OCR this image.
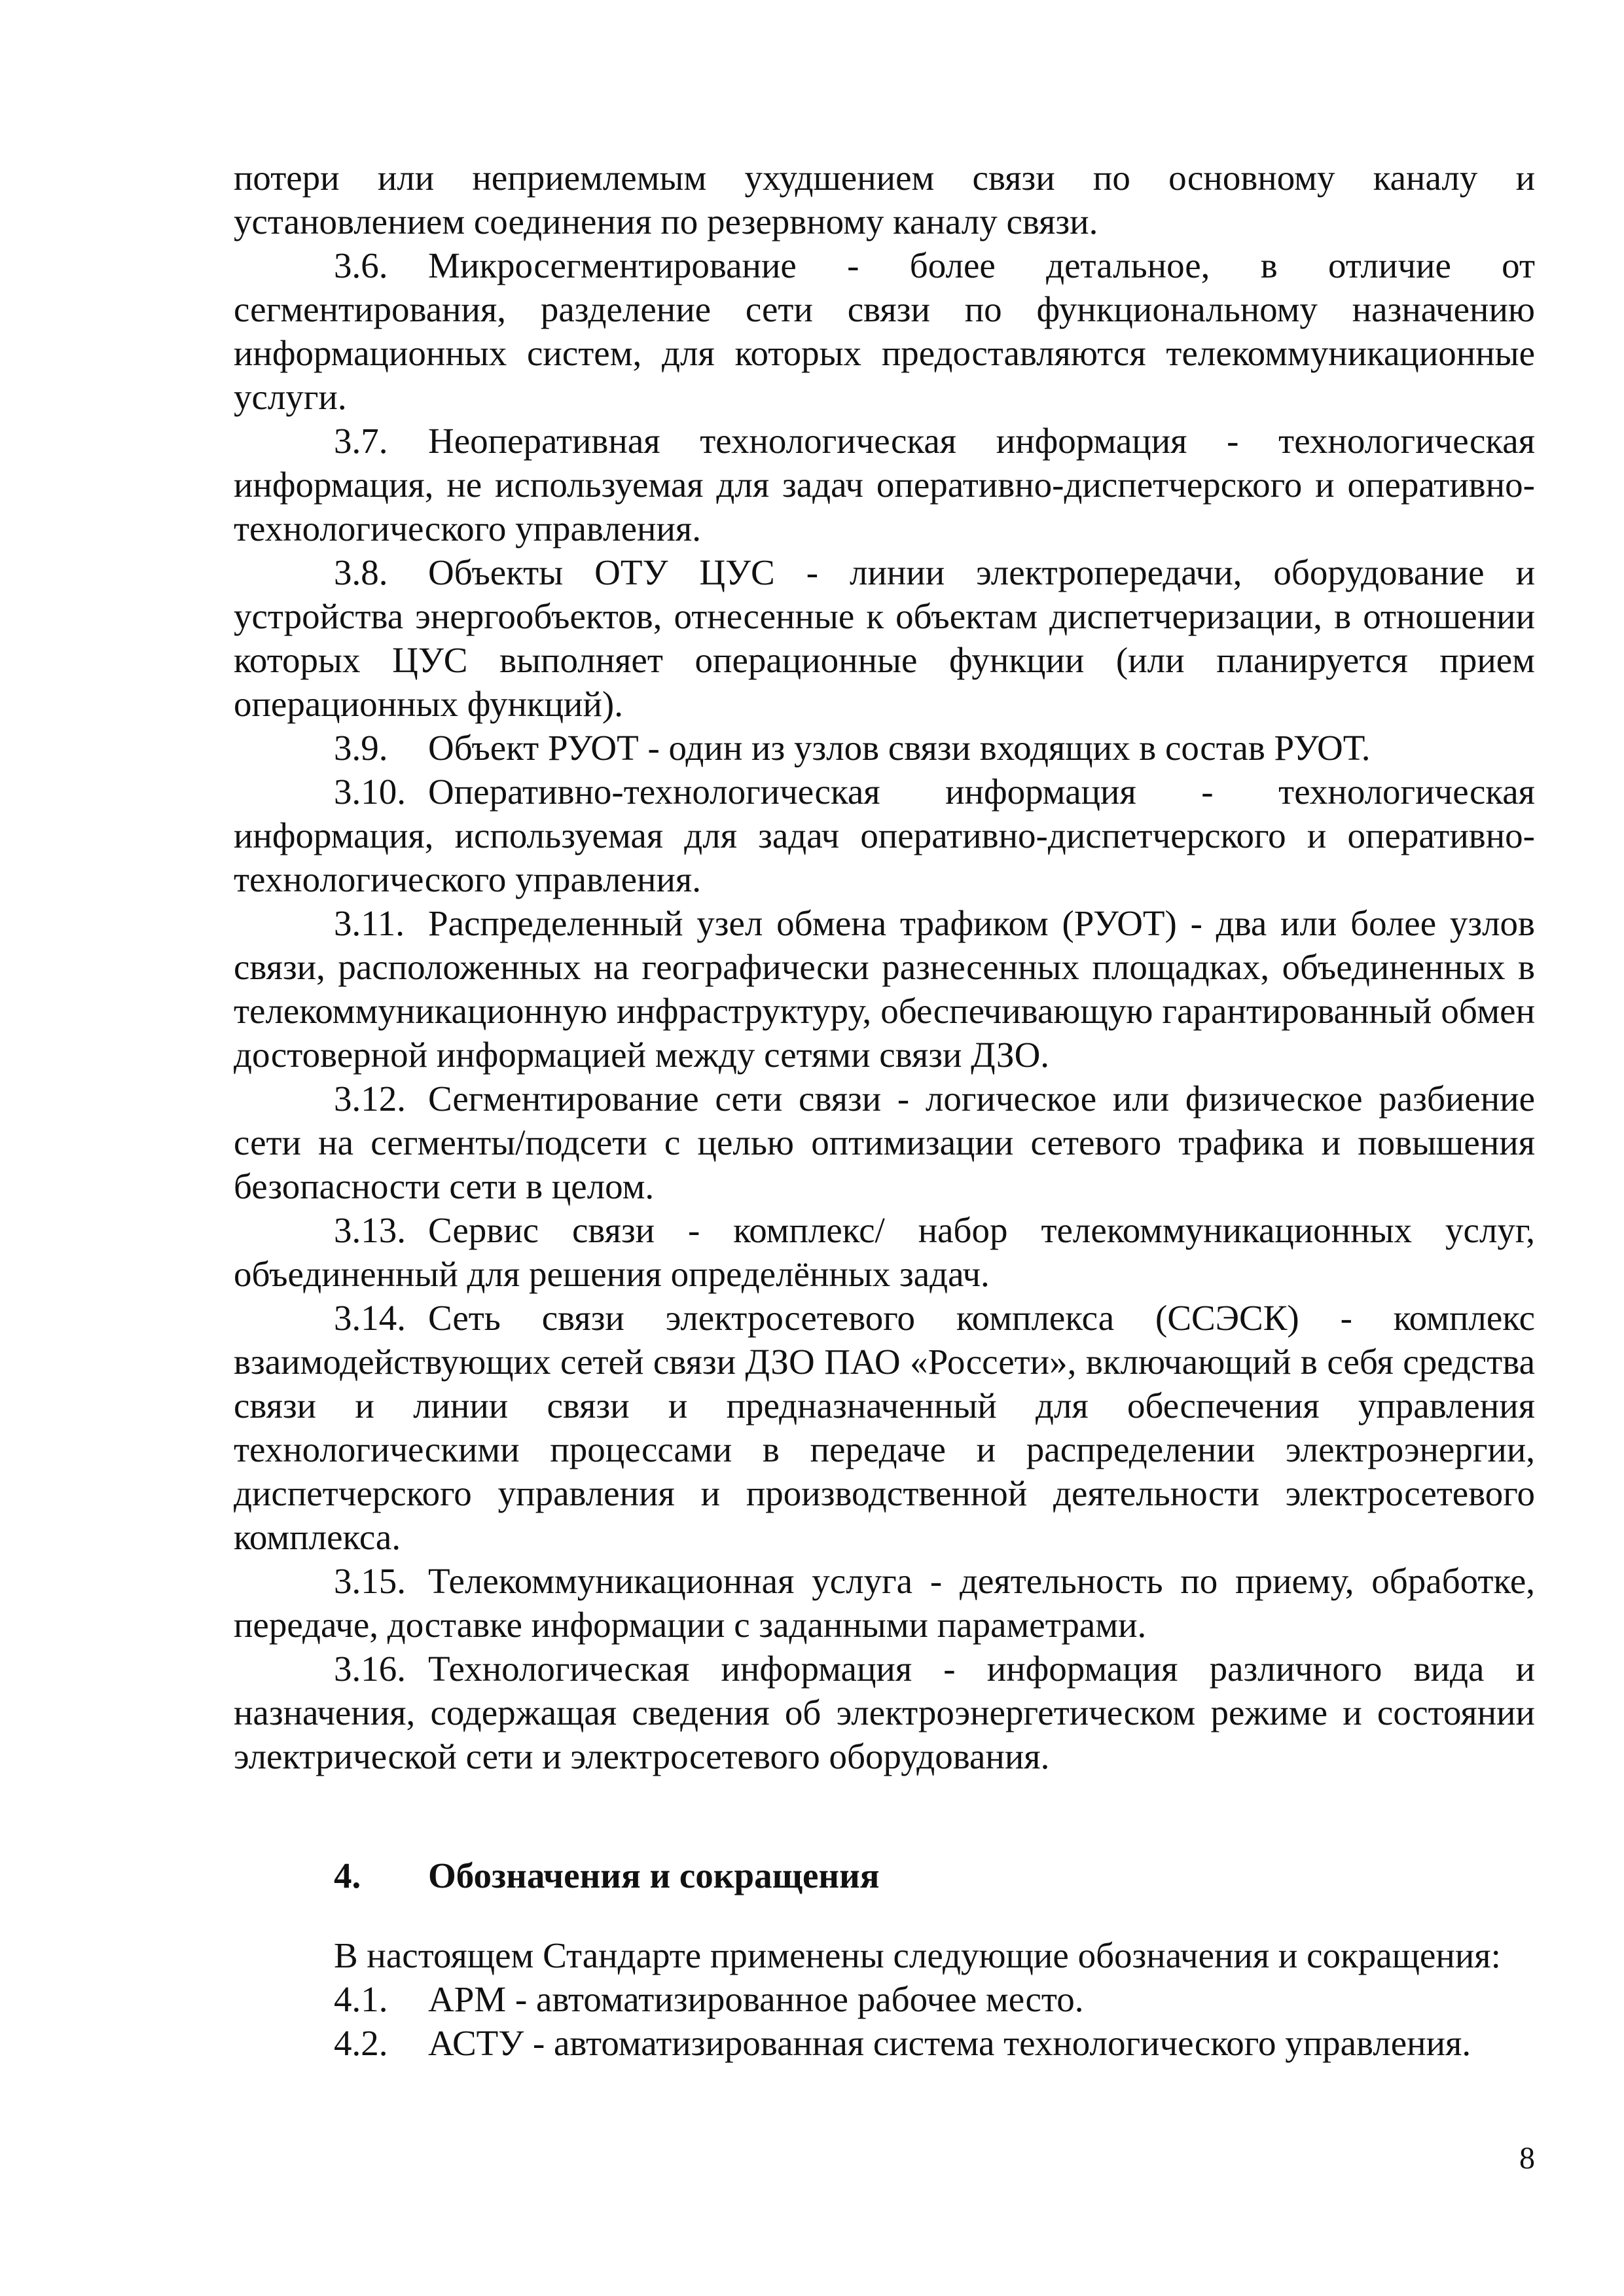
потери или неприемлемым ухудшением связи по основному каналу и установлением соединения по резервному каналу связи.

3.6. Микросегментирование - более детальное, в отличие от сегментирования, разделение сети связи по функциональному назначению информационных систем, для которых предоставляются телекоммуникационные услуги.

3.7. Неоперативная технологическая информация - технологическая информация, не используемая для задач оперативно-диспетчерского и оперативно-технологического управления.

3.8. Объекты ОТУ ЦУС - линии электропередачи, оборудование и устройства энергообъектов, отнесенные к объектам диспетчеризации, в отношении которых ЦУС выполняет операционные функции (или планируется прием операционных функций).

3.9. Объект РУОТ - один из узлов связи входящих в состав РУОТ.

3.10. Оперативно-технологическая информация - технологическая информация, используемая для задач оперативно-диспетчерского и оперативно-технологического управления.

3.11. Распределенный узел обмена трафиком (РУОТ) - два или более узлов связи, расположенных на географически разнесенных площадках, объединенных в телекоммуникационную инфраструктуру, обеспечивающую гарантированный обмен достоверной информацией между сетями связи ДЗО.

3.12. Сегментирование сети связи - логическое или физическое разбиение сети на сегменты/подсети с целью оптимизации сетевого трафика и повышения безопасности сети в целом.

3.13. Сервис связи - комплекс/ набор телекоммуникационных услуг, объединенный для решения определённых задач.

3.14. Сеть связи электросетевого комплекса (ССЭСК) - комплекс взаимодействующих сетей связи ДЗО ПАО «Россети», включающий в себя средства связи и линии связи и предназначенный для обеспечения управления технологическими процессами в передаче и распределении электроэнергии, диспетчерского управления и производственной деятельности электросетевого комплекса.

3.15. Телекоммуникационная услуга - деятельность по приему, обработке, передаче, доставке информации с заданными параметрами.

3.16. Технологическая информация - информация различного вида и назначения, содержащая сведения об электроэнергетическом режиме и состоянии электрической сети и электросетевого оборудования.

4. Обозначения и сокращения

В настоящем Стандарте применены следующие обозначения и сокращения:

4.1. АРМ - автоматизированное рабочее место.

4.2. АСТУ - автоматизированная система технологического управления.

8
